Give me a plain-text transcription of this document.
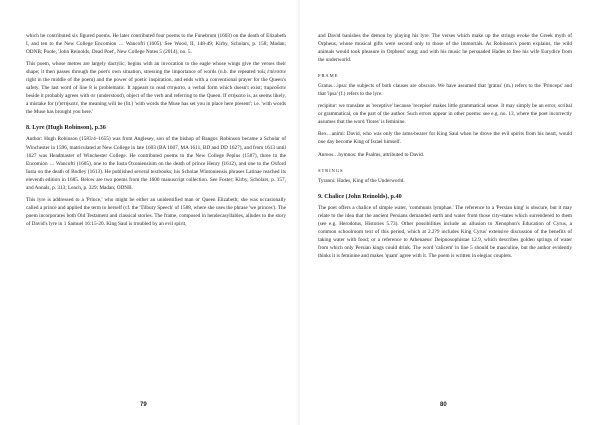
which he contributed six figured poems. He later contributed four poems to the Funebrum (1603) on the death of Elizabeth I, and ten to the New College Encomion … Wancofti (1605). See Wood, II, 148-49; Kirby, Scholars, p. 158; Madan; ODNB; Poole, 'John Reinolds, Dead Poet', New College Notes 5 (2014), no. 5.

This poem, whose metres are largely dactylic, begins with an invocation to the eagle whose wings give the verses their shape; it then passes through the poet's own situation, stressing the importance of words (n.b. the repeated τοῖς ἐπέεσσιν right in the middle of the poem) and the power of poetic inspiration, and ends with a conventional prayer for the Queen's safety. The last word of line 8 is problematic. It appears to read στηκατο, a verbal form which doesn't exist; παρεοῦσιν beside it probably agrees with σε (understood), object of the verb and referring to the Queen. If στήκατο is, as seems likely, a mistake for (ἐ)στήκατε, the meaning will be (lit.) 'with words the Muse has set you in place here present'; i.e. 'with words the Muse has brought you here.'

8. Lyre (Hugh Robinson), p.36

Author: Hugh Robinson (1583/4–1655) was from Anglesey, son of the bishop of Bangor. Robinson became a Scholar of Winchester in 1596, matriculated at New College in late 1603 (BA 1607, MA 1611, BD and DD 1627), and from 1613 until 1627 was Headmaster of Winchester College. He contributed poems to the New College Peplus (1587), three to the Encomion … Wancofti (1605), one to the Iusta Oxoniensium on the death of prince Henry (1612), and one to the Oxford Iusta on the death of Bodley (1613). He published several textbooks; his Scholae Wintoniensis phrases Latinae reached its eleventh edition in 1685. Below are two poems from the 1600 manuscript collection. See Foster; Kirby, Scholars, p. 157, and Annals, p. 313; Leach, p. 329; Madan; ODNB.

This lyre is addressed to a 'Prince,' who might be either an unidentified man or Queen Elizabeth; she was occasionally called a prince and applied the term to herself (cf. the 'Tilbury Speech' of 1588, where she uses the phrase 'we princes'). The poem incorporates both Old Testament and classical stories. The frame, composed in hendecasyllables, alludes to the story of David's lyre in 1 Samuel 16:15-20. King Saul is troubled by an evil spirit,

79

and David banishes the demon by playing his lyre. The verses which make up the strings evoke the Greek myth of Orpheus, whose musical gifts were second only to those of the immortals. As Robinson's poem explains, the wild animals would took pleasure in Orpheus' song; and with his music he persuaded Hades to free his wife Eurydice from the underworld.

FRAME

Gratus…ipsa: the subjects of both clauses are obscure. We have assumed that 'gratus' (m.) refers to the 'Princeps' and that 'ipsa' (f.) refers to the lyre.

recipitur: we translate as 'receptive' because 'recepise' makes little grammatical sense. It may simply be an error, scribal or grammatical, on the part of the author. Such errors appear in other poems: see e.g. no. 13, where the poet incorrectly assumes that the word 'flores' is feminine.

Rex…animi: David, who was only the arms-bearer for King Saul when he drove the evil spirits from his heart, would one day become King of Israel himself.

Aureos…hymnos: the Psalms, attributed to David.

STRINGS

Tyranni: Hades, King of the Underworld.

9. Chalice (John Reinolds), p.40

The poet offers a chalice of simple water, 'communis lymphae.' The reference to a 'Persian king' is obscure, but it may relate to the idea that the ancient Persians demanded earth and water from those city-states which surrendered to them (see e.g. Herodotus, Histories 5.73). Other possibilities include an allusion to Xenophon's Education of Cyrus, a common schoolroom text of this period, which at 2.2?9 includes King Cyrus' extensive discussion of the benefits of taking water with food; or a reference to Athenaeus' Deipnosophistae 12.9, which describes golden springs of water from which only Persian kings could drink. The word 'calicem' in line 5 should be masculine, but the author evidently thinks it is feminine and makes 'quam' agree with it. The poem is written in elegiac couplets.

80
